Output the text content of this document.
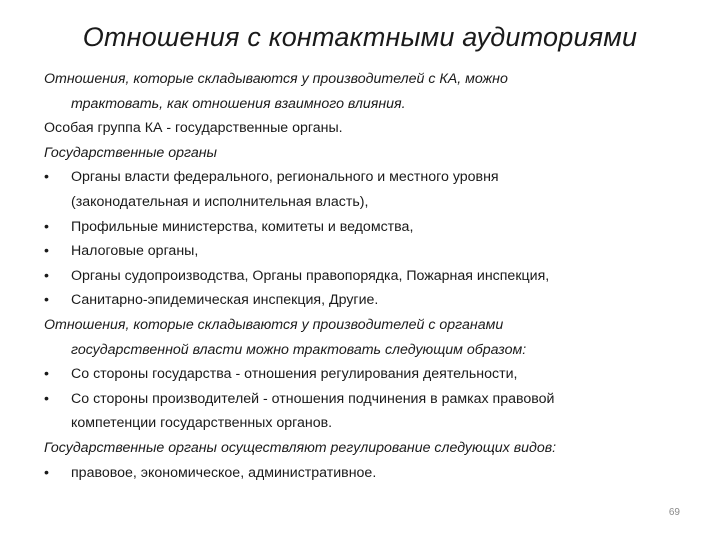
Отношения с контактными аудиториями
Отношения, которые складываются у производителей с КА, можно
трактовать, как отношения взаимного влияния.
Особая группа КА - государственные органы.
Государственные органы
• Органы власти федерального, регионального и местного уровня
(законодательная и исполнительная власть),
• Профильные министерства, комитеты и ведомства,
• Налоговые органы,
• Органы судопроизводства, Органы правопорядка, Пожарная инспекция,
• Санитарно-эпидемическая инспекция, Другие.
Отношения, которые складываются у производителей с органами
государственной власти можно трактовать следующим образом:
• Со стороны государства - отношения регулирования деятельности,
• Со стороны производителей - отношения подчинения в рамках правовой
компетенции государственных органов.
Государственные органы осуществляют регулирование следующих видов:
• правовое, экономическое, административное.
69
